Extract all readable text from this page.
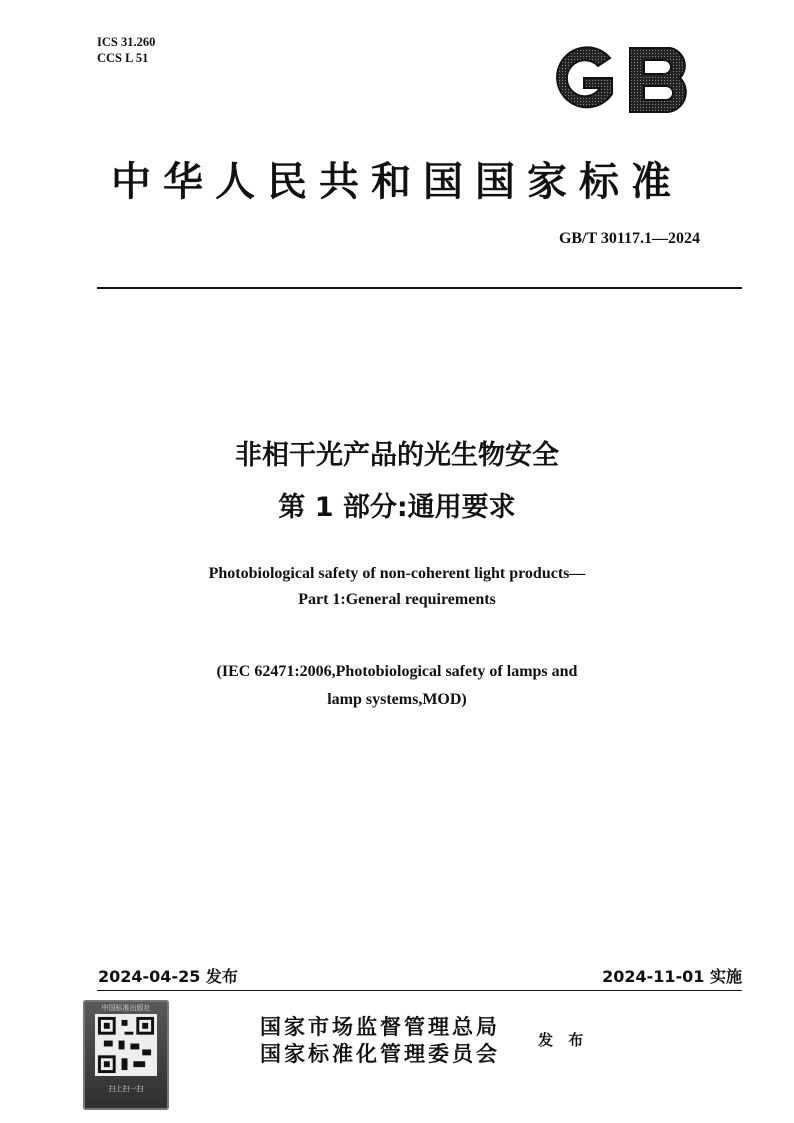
ICS 31.260
CCS L 51
中华人民共和国国家标准
GB/T 30117.1—2024
非相干光产品的光生物安全
第 1 部分:通用要求
Photobiological safety of non-coherent light products—
Part 1:General requirements
(IEC 62471:2006,Photobiological safety of lamps and
lamp systems,MOD)
2024-04-25 发布	2024-11-01 实施
中国标准出版社
扫上扫一扫
国家市场监督管理总局
国家标准化管理委员会
发 布
